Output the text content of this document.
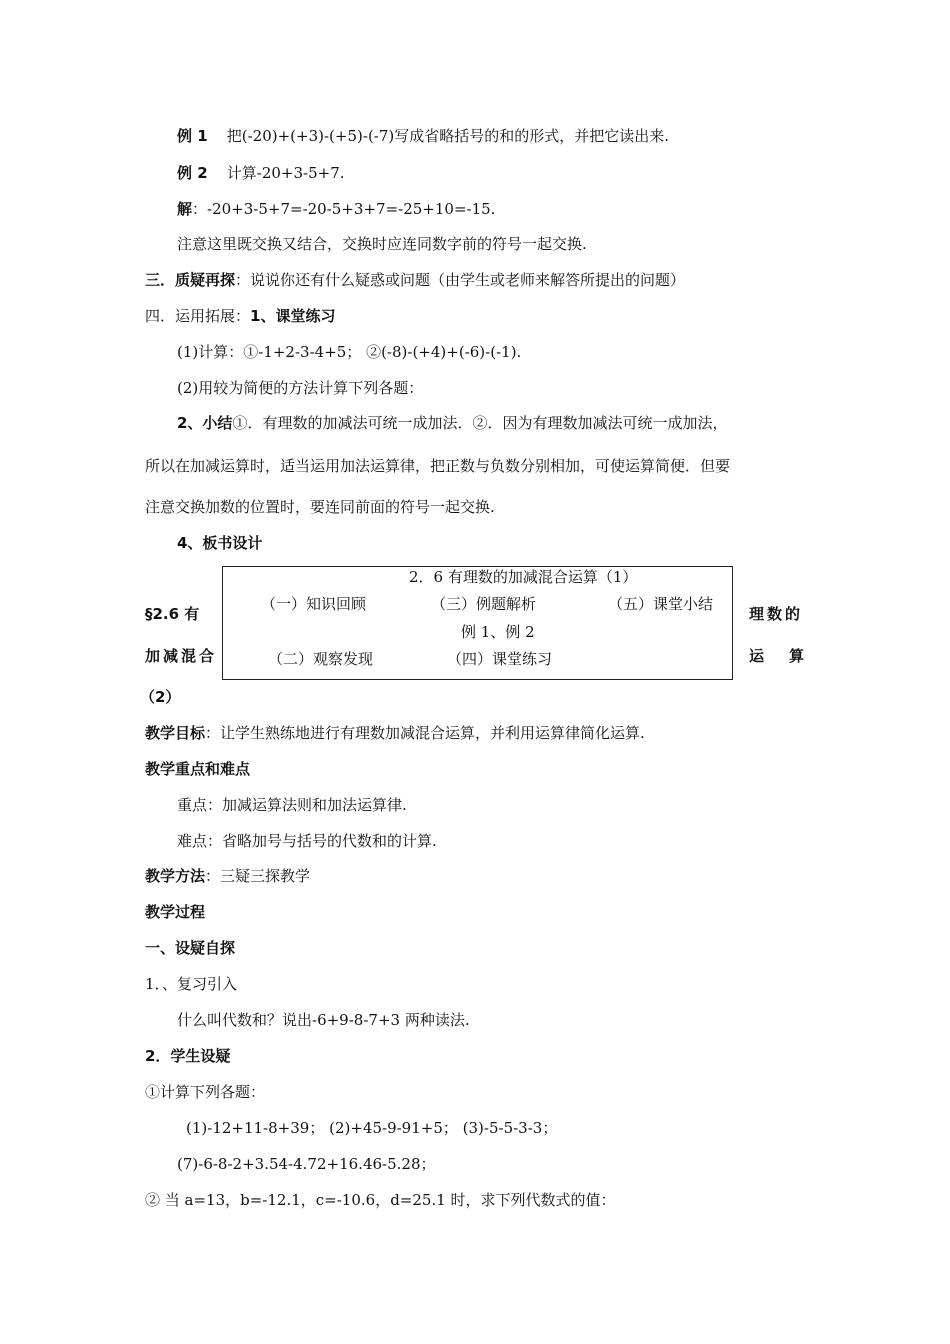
例 1 把(-20)+(+3)-(+5)-(-7)写成省略括号的和的形式，并把它读出来.
例 2 计算-20+3-5+7.
解：-20+3-5+7=-20-5+3+7=-25+10=-15.
注意这里既交换又结合，交换时应连同数字前的符号一起交换.
三．质疑再探：说说你还有什么疑惑或问题（由学生或老师来解答所提出的问题）
四．运用拓展：1、课堂练习
(1)计算：①-1+2-3-4+5； ②(-8)-(+4)+(-6)-(-1).
(2)用较为简便的方法计算下列各题：
2、小结①．有理数的加减法可统一成加法．②．因为有理数加减法可统一成加法，
所以在加减运算时，适当运用加法运算律，把正数与负数分别相加，可使运算简便．但要
注意交换加数的位置时，要连同前面的符号一起交换.
4、板书设计
2．6 有理数的加减混合运算（1）
（一）知识回顾	（三）例题解析	（五）课堂小结
例 1、例 2
（二）观察发现	（四）课堂练习
§2.6 有	理数的
加减混合	运　算
（2）
教学目标：让学生熟练地进行有理数加减混合运算，并利用运算律简化运算.
教学重点和难点
重点：加减运算法则和加法运算律.
难点：省略加号与括号的代数和的计算.
教学方法：三疑三探教学
教学过程
一、设疑自探
1．、复习引入
什么叫代数和？说出-6+9-8-7+3 两种读法.
2．学生设疑
①计算下列各题：
(1)-12+11-8+39； (2)+45-9-91+5； (3)-5-5-3-3；
(7)-6-8-2+3.54-4.72+16.46-5.28；
② 当 a=13，b=-12.1，c=-10.6，d=25.1 时，求下列代数式的值：
